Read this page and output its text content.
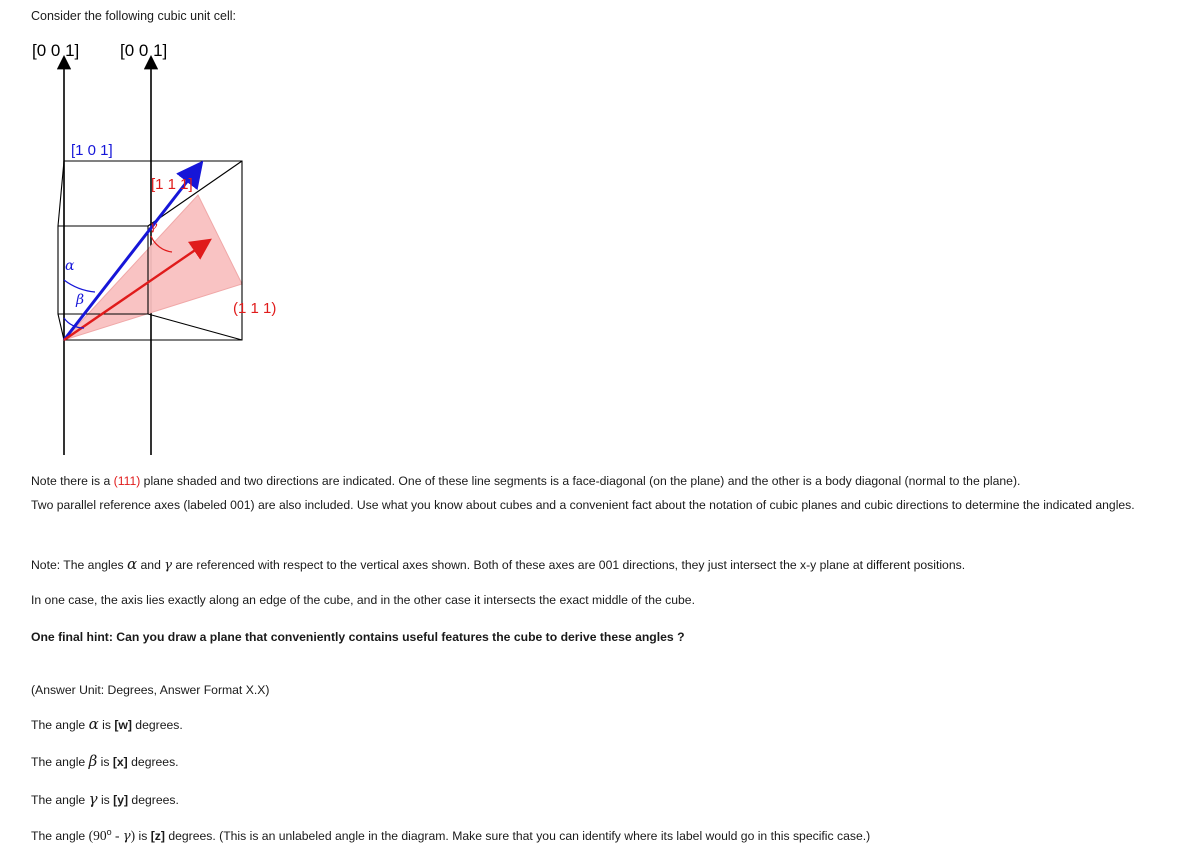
Consider the following cubic unit cell:
[0 0 1] [0 0 1]
[1 0 1]
[1 1 1]
(1 1 1)
α
β
γ
Note there is a (111) plane shaded and two directions are indicated. One of these line segments is a face-diagonal (on the plane) and the other is a body diagonal (normal to the plane).
Two parallel reference axes (labeled 001) are also included. Use what you know about cubes and a convenient fact about the notation of cubic planes and cubic directions to determine the indicated angles.
Note: The angles α and γ are referenced with respect to the vertical axes shown. Both of these axes are 001 directions, they just intersect the x-y plane at different positions.
In one case, the axis lies exactly along an edge of the cube, and in the other case it intersects the exact middle of the cube.
One final hint: Can you draw a plane that conveniently contains useful features the cube to derive these angles ?
(Answer Unit: Degrees, Answer Format X.X)
The angle α is [w] degrees.
The angle β is [x] degrees.
The angle γ is [y] degrees.
The angle (90$^o$ - γ) is [z] degrees. (This is an unlabeled angle in the diagram. Make sure that you can identify where its label would go in this specific case.)
